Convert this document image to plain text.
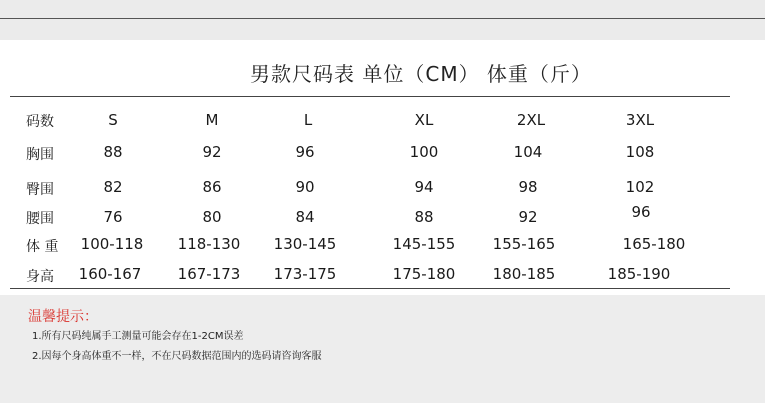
男款尺码表 单位（CM） 体重（斤）
码数	S	M	L	XL	2XL	3XL
胸围	88	92	96	100	104	108
臀围	82	86	90	94	98	102
腰围	76	80	84	88	92	96
体 重 100-118 118-130 130-145	145-155 155-165	165-180
身高 160-167 167-173 173-175	175-180 180-185	185-190
温馨提示：
1.所有尺码纯属手工测量可能会存在1-2CM误差
2.因每个身高体重不一样，不在尺码数据范围内的选码请咨询客服
